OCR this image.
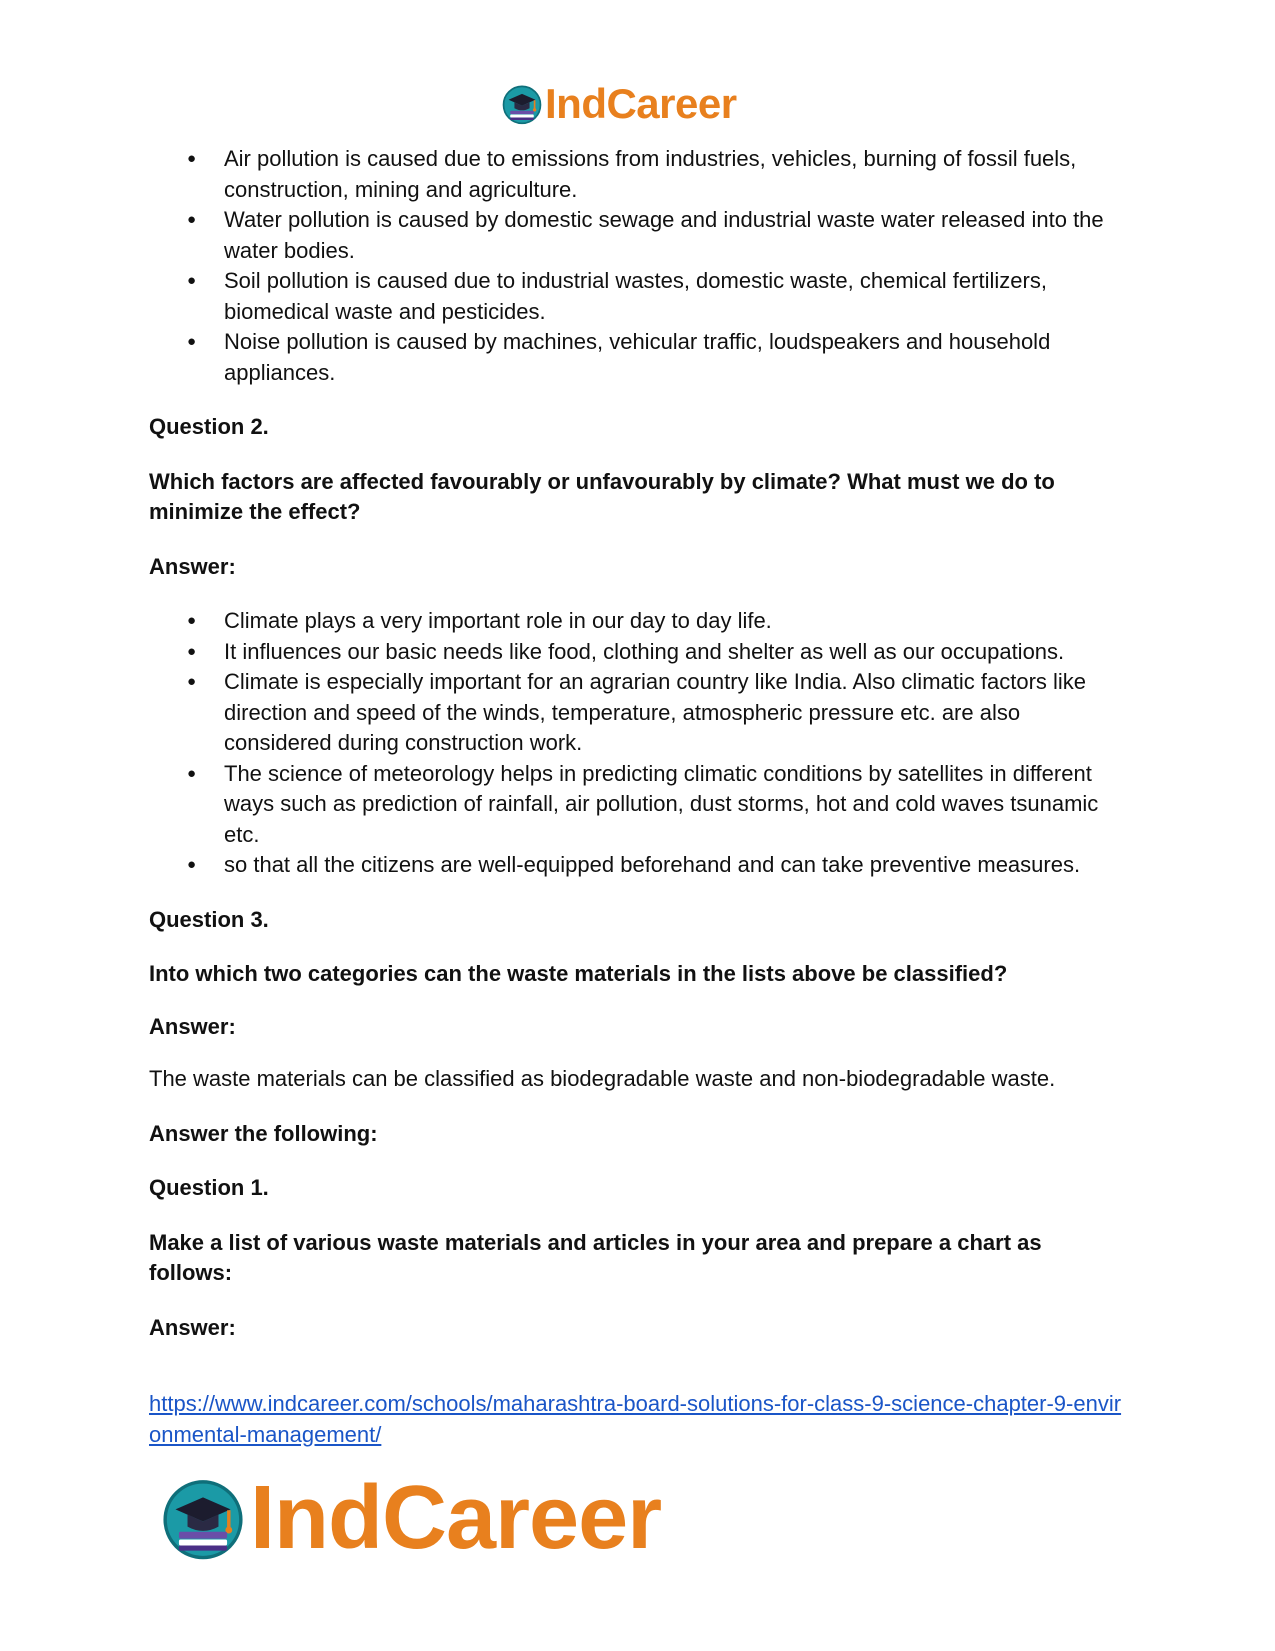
IndCareer
● Air pollution is caused due to emissions from industries, vehicles, burning of fossil fuels, construction, mining and agriculture.
● Water pollution is caused by domestic sewage and industrial waste water released into the water bodies.
● Soil pollution is caused due to industrial wastes, domestic waste, chemical fertilizers, biomedical waste and pesticides.
● Noise pollution is caused by machines, vehicular traffic, loudspeakers and household appliances.

Question 2.

Which factors are affected favourably or unfavourably by climate? What must we do to minimize the effect?

Answer:

● Climate plays a very important role in our day to day life.
● It influences our basic needs like food, clothing and shelter as well as our occupations.
● Climate is especially important for an agrarian country like India. Also climatic factors like direction and speed of the winds, temperature, atmospheric pressure etc. are also considered during construction work.
● The science of meteorology helps in predicting climatic conditions by satellites in different ways such as prediction of rainfall, air pollution, dust storms, hot and cold waves tsunamic etc.
● so that all the citizens are well-equipped beforehand and can take preventive measures.

Question 3.

Into which two categories can the waste materials in the lists above be classified?

Answer:

The waste materials can be classified as biodegradable waste and non-biodegradable waste.

Answer the following:

Question 1.

Make a list of various waste materials and articles in your area and prepare a chart as follows:

Answer:

https://www.indcareer.com/schools/maharashtra-board-solutions-for-class-9-science-chapter-9-environmental-management/
IndCareer
